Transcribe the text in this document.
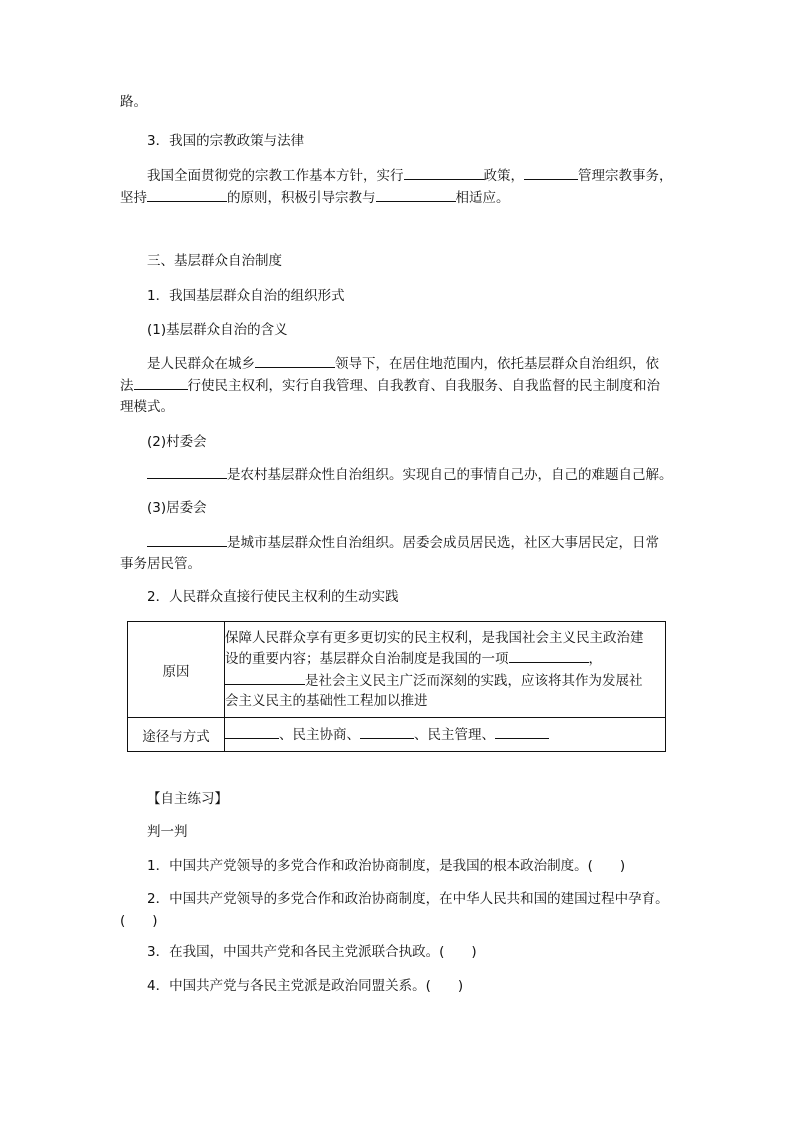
路。
3．我国的宗教政策与法律
我国全面贯彻党的宗教工作基本方针，实行	政策，	管理宗教事务，
坚持	的原则，积极引导宗教与	相适应。
三、基层群众自治制度
1．我国基层群众自治的组织形式
(1)基层群众自治的含义
是人民群众在城乡	领导下，在居住地范围内，依托基层群众自治组织，依
法	行使民主权利，实行自我管理、自我教育、自我服务、自我监督的民主制度和治
理模式。
(2)村委会
是农村基层群众性自治组织。实现自己的事情自己办，自己的难题自己解。
(3)居委会
是城市基层群众性自治组织。居委会成员居民选，社区大事居民定，日常
事务居民管。
2．人民群众直接行使民主权利的生动实践
原因	保障人民群众享有更多更切实的民主权利，是我国社会主义民主政治建
设的重要内容；基层群众自治制度是我国的一项 ，
是社会主义民主广泛而深刻的实践，应该将其作为发展社
会主义民主的基础性工程加以推进

途径与方式	、民主协商、 、民主管理、
【自主练习】
判一判
1．中国共产党领导的多党合作和政治协商制度，是我国的根本政治制度。(　　)
2．中国共产党领导的多党合作和政治协商制度，在中华人民共和国的建国过程中孕育。
(　　)
3．在我国，中国共产党和各民主党派联合执政。(　　)
4．中国共产党与各民主党派是政治同盟关系。(　　)
